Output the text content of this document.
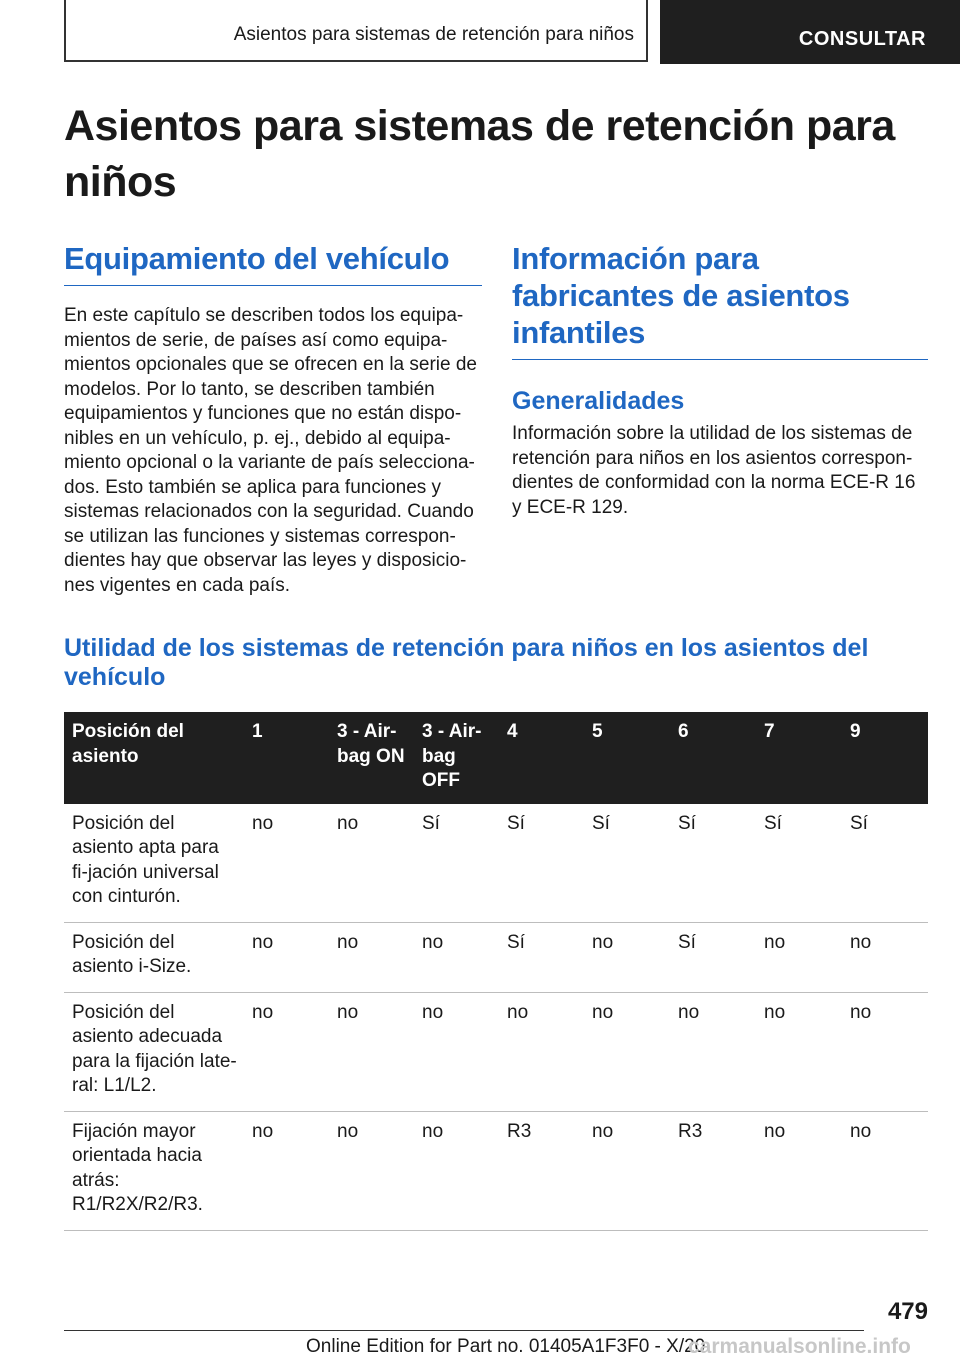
Asientos para sistemas de retención para niños	CONSULTAR
Asientos para sistemas de retención para niños
Equipamiento del vehículo

En este capítulo se describen todos los equipa-mientos de serie, de países así como equipa-mientos opcionales que se ofrecen en la serie de modelos. Por lo tanto, se describen también equipamientos y funciones que no están dispo-nibles en un vehículo, p. ej., debido al equipa-miento opcional o la variante de país selecciona-dos. Esto también se aplica para funciones y sistemas relacionados con la seguridad. Cuando se utilizan las funciones y sistemas correspon-dientes hay que observar las leyes y disposicio-nes vigentes en cada país.

Información para fabricantes de asientos infantiles
Generalidades

Información sobre la utilidad de los sistemas de retención para niños en los asientos correspon-dientes de conformidad con la norma ECE-R 16 y ECE-R 129.

Utilidad de los sistemas de retención para niños en los asientos del vehículo
Posición del asiento	1	3 - Air-bag ON	3 - Air-bag OFF	4	5	6	7	9
Posición del asiento apta para fi-jación universal con cinturón.	no	no	Sí	Sí	Sí	Sí	Sí	Sí
Posición del asiento i-Size.	no	no	no	Sí	no	Sí	no	no
Posición del asiento adecuada para la fijación late-ral: L1/L2.	no	no	no	no	no	no	no	no
Fijación mayor orientada hacia atrás: R1/R2X/R2/R3.	no	no	no	R3	no	R3	no	no
479
Online Edition for Part no. 01405A1F3F0 - X/20
carmanualsonline.info
